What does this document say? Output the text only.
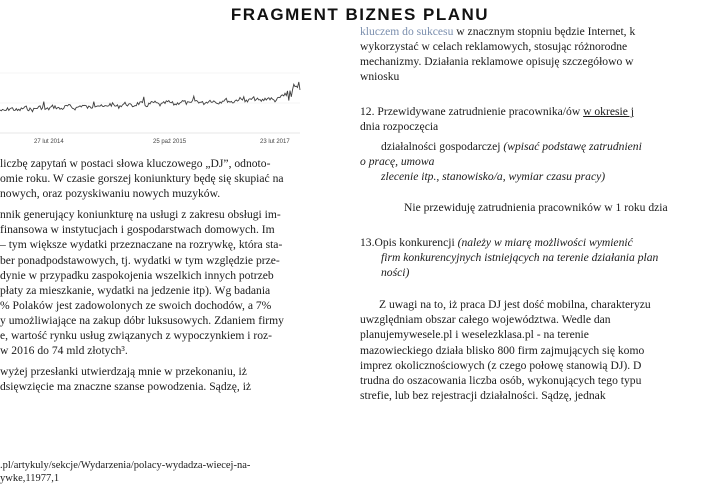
FRAGMENT BIZNES PLANU
27 lut 2014	25 paź 2015	23 lut 2017

liczbę zapytań w postaci słowa kluczowego „DJ”, odnoto-

omie roku. W czasie gorszej koniunktury będę się skupiać na

nowych, oraz pozyskiwaniu nowych muzyków.

nnik generujący koniunkturę na usługi z zakresu obsługi im-

finansowa w instytucjach i gospodarstwach domowych. Im

– tym większe wydatki przeznaczane na rozrywkę, która sta-

ber ponadpodstawowych, tj. wydatki w tym względzie prze-

dynie w przypadku zaspokojenia wszelkich innych potrzeb

płaty za mieszkanie, wydatki na jedzenie itp). Wg badania

% Polaków jest zadowolonych ze swoich dochodów, a 7%

y umożliwiające na zakup dóbr luksusowych. Zdaniem firmy

e, wartość rynku usług związanych z wypoczynkiem i roz-

w 2016 do 74 mld złotych³.

wyżej przesłanki utwierdzają mnie w przekonaniu, iż

dsięwzięcie ma znaczne szanse powodzenia. Sądzę, iż

.pl/artykuly/sekcje/Wydarzenia/polacy-wydadza-wiecej-na-
ywke,11977,1

kluczem do sukcesu w znacznym stopniu będzie Internet, k

wykorzystać w celach reklamowych, stosując różnorodne

mechanizmy. Działania reklamowe opisuję szczegółowo w

wniosku

12. Przewidywane zatrudnienie pracownika/ów w okresie j

dnia rozpoczęcia

działalności gospodarczej (wpisać podstawę zatrudnieni

o pracę, umowa

zlecenie itp., stanowisko/a, wymiar czasu pracy)

Nie przewiduję zatrudnienia pracowników w 1 roku dzia

13.Opis konkurencji (należy w miarę możliwości wymienić

firm konkurencyjnych istniejących na terenie działania plan

ności)

Z uwagi na to, iż praca DJ jest dość mobilna, charakteryzu

uwzględniam obszar całego województwa. Wedle dan

planujemywesele.pl i weselezklasa.pl - na terenie

mazowieckiego działa blisko 800 firm zajmujących się komo

imprez okolicznościowych (z czego połowę stanowią DJ). D

trudna do oszacowania liczba osób, wykonujących tego typu

strefie, lub bez rejestracji działalności. Sądzę, jednak
